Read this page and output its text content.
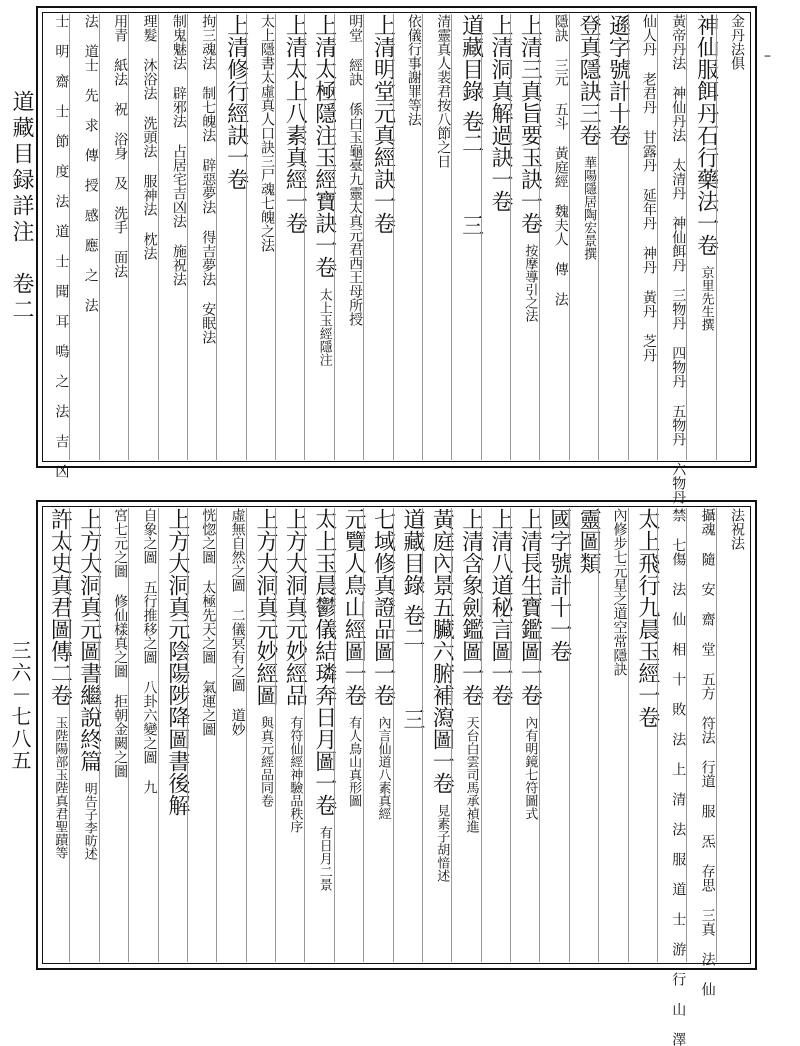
道藏目録詳注　卷二
三六－七八五
–
金丹法俱
神仙服餌丹石行藥法一卷京里先生撰
黃帝丹法 神仙丹法 太清丹 神仙餌丹 三物丹 四物丹 五物丹 六物丹
仙人丹 老君丹 甘露丹 延年丹 神丹 黃丹 芝丹
遜字號計十卷
登真隱訣三卷華陽隱居陶宏景撰
隱訣 三元 五斗 黃庭經 魏夫人 傳 法
上清三真旨要玉訣一卷按摩導引之法
上清洞真解過訣一卷
道藏目錄卷二三
清靈真人裴君按八節之日
依儀行事謝罪等法
上清明堂元真經訣一卷
明堂 經訣 係白玉龜臺九靈太真元君西王母所授
上清太極隱注玉經寶訣一卷太上玉經隱注
上清太上八素真經一卷
太上隱書太虛真人口訣三尸魂七魄之法
上清修行經訣一卷
拘三魂法 制七魄法 辟惡夢法 得吉夢法 安眠法
制鬼魅法 辟邪法 占居宅吉凶法 施祝法
理髮 沐浴法 洗頭法 服神法 枕法
用青 紙法 祝 浴身 及 洗手 面法
法 道士 先 求 傳 授 感 應 之 法
士 明 齋 士 節 度 法 道 士 聞 耳 鳴 之 法 吉 凶
法祝法
攝魂 隨 安 齋 堂 五方 符法 行道 服 炁 存思 三真 法 仙
禁 七傷 法 仙 相 十 敗 法 上 清 法 服 道 士 游 行 山 澤
太上飛行九晨玉經一卷
內修步七元星之道空常隱訣
靈圖類
國字號計十一卷
上清長生寶鑑圖一卷內有明鏡七符圖式
上清八道秘言圖一卷
上清含象劍鑑圖一卷天台白雲司馬承禎進
黃庭內景五臟六腑補瀉圖一卷見素子胡愔述
道藏目錄卷二三
七域修真證品圖一卷內言仙道八素真經
元覽人鳥山經圖一卷有人鳥山真形圖
太上玉晨鬱儀結璘奔日月圖一卷有日月二景
上方大洞真元妙經品有符仙經神驗品秩序
上方大洞真元妙經圖與真元經品同卷
虛無自然之圖 二儀冥有之圖 道妙
恍惚之圖 太極先天之圖 氣運之圖
上方大洞真元陰陽陟降圖書後解
自象之圖 五行推移之圖 八卦六變之圖 九
宮七元之圖 修仙樣真之圖 拒朝金闕之圖
上方大洞真元圖書繼說終篇明告子李昉述
許太史真君圖傳二卷玉陛陽部玉陛真君聖蹟等
